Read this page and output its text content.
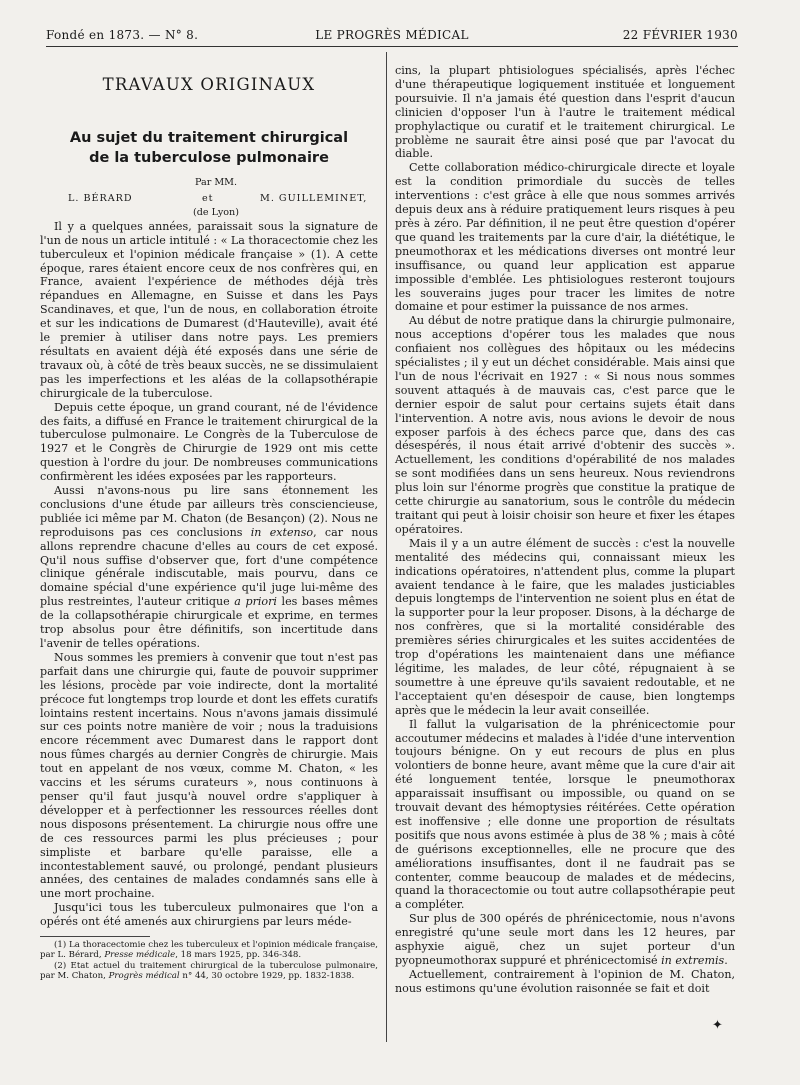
Fondé en 1873. — N° 8.	LE PROGRÈS MÉDICAL	22 FÉVRIER 1930
TRAVAUX ORIGINAUX
Au sujet du traitement chirurgical
de la tuberculose pulmonaire

Par MM.

L. BÉRARD	et	M. GUILLEMINET,

(de Lyon)

Il y a quelques années, paraissait sous la signature de l'un de nous un article intitulé : « La thoracectomie chez les tuberculeux et l'opinion médicale française » (1). A cette époque, rares étaient encore ceux de nos confrères qui, en France, avaient l'expérience de méthodes déjà très répandues en Allemagne, en Suisse et dans les Pays Scandinaves, et que, l'un de nous, en collaboration étroite et sur les indications de Dumarest (d'Hauteville), avait été le premier à utiliser dans notre pays. Les premiers résultats en avaient déjà été exposés dans une série de travaux où, à côté de très beaux succès, ne se dissimulaient pas les imperfections et les aléas de la collapsothérapie chirurgicale de la tuberculose.

Depuis cette époque, un grand courant, né de l'évidence des faits, a diffusé en France le traitement chirurgical de la tuberculose pulmonaire. Le Congrès de la Tuberculose de 1927 et le Congrès de Chirurgie de 1929 ont mis cette question à l'ordre du jour. De nombreuses communications confirmèrent les idées exposées par les rapporteurs.

Aussi n'avons-nous pu lire sans étonnement les conclusions d'une étude par ailleurs très consciencieuse, publiée ici même par M. Chaton (de Besançon) (2). Nous ne reproduisons pas ces conclusions in extenso, car nous allons reprendre chacune d'elles au cours de cet exposé. Qu'il nous suffise d'observer que, fort d'une compétence clinique générale indiscutable, mais pourvu, dans ce domaine spécial d'une expérience qu'il juge lui-même des plus restreintes, l'auteur critique a priori les bases mêmes de la collapsothérapie chirurgicale et exprime, en termes trop absolus pour être définitifs, son incertitude dans l'avenir de telles opérations.

Nous sommes les premiers à convenir que tout n'est pas parfait dans une chirurgie qui, faute de pouvoir supprimer les lésions, procède par voie indirecte, dont la mortalité précoce fut longtemps trop lourde et dont les effets curatifs lointains restent incertains. Nous n'avons jamais dissimulé sur ces points notre manière de voir ; nous la traduisions encore récemment avec Dumarest dans le rapport dont nous fûmes chargés au dernier Congrès de chirurgie. Mais tout en appelant de nos vœux, comme M. Chaton, « les vaccins et les sérums curateurs », nous continuons à penser qu'il faut jusqu'à nouvel ordre s'appliquer à développer et à perfectionner les ressources réelles dont nous disposons présentement. La chirurgie nous offre une de ces ressources parmi les plus précieuses ; pour simpliste et barbare qu'elle paraisse, elle a incontestablement sauvé, ou prolongé, pendant plusieurs années, des centaines de malades condamnés sans elle à une mort prochaine.

Jusqu'ici tous les tuberculeux pulmonaires que l'on a opérés ont été amenés aux chirurgiens par leurs méde-

(1) La thoracectomie chez les tuberculeux et l'opinion médicale française, par L. Bérard, Presse médicale, 18 mars 1925, pp. 346-348.

(2) Etat actuel du traitement chirurgical de la tuberculose pulmonaire, par M. Chaton, Progrès médical n° 44, 30 octobre 1929, pp. 1832-1838.

cins, la plupart phtisiologues spécialisés, après l'échec d'une thérapeutique logiquement instituée et longuement poursuivie. Il n'a jamais été question dans l'esprit d'aucun clinicien d'opposer l'un à l'autre le traitement médical prophylactique ou curatif et le traitement chirurgical. Le problème ne saurait être ainsi posé que par l'avocat du diable.

Cette collaboration médico-chirurgicale directe et loyale est la condition primordiale du succès de telles interventions : c'est grâce à elle que nous sommes arrivés depuis deux ans à réduire pratiquement leurs risques à peu près à zéro. Par définition, il ne peut être question d'opérer que quand les traitements par la cure d'air, la diététique, le pneumothorax et les médications diverses ont montré leur insuffisance, ou quand leur application est apparue impossible d'emblée. Les phtisiologues resteront toujours les souverains juges pour tracer les limites de notre domaine et pour estimer la puissance de nos armes.

Au début de notre pratique dans la chirurgie pulmonaire, nous acceptions d'opérer tous les malades que nous confiaient nos collègues des hôpitaux ou les médecins spécialistes ; il y eut un déchet considérable. Mais ainsi que l'un de nous l'écrivait en 1927 : « Si nous nous sommes souvent attaqués à de mauvais cas, c'est parce que le dernier espoir de salut pour certains sujets était dans l'intervention. A notre avis, nous avions le devoir de nous exposer parfois à des échecs parce que, dans des cas désespérés, il nous était arrivé d'obtenir des succès ». Actuellement, les conditions d'opérabilité de nos malades se sont modifiées dans un sens heureux. Nous reviendrons plus loin sur l'énorme progrès que constitue la pratique de cette chirurgie au sanatorium, sous le contrôle du médecin traitant qui peut à loisir choisir son heure et fixer les étapes opératoires.

Mais il y a un autre élément de succès : c'est la nouvelle mentalité des médecins qui, connaissant mieux les indications opératoires, n'attendent plus, comme la plupart avaient tendance à le faire, que les malades justiciables depuis longtemps de l'intervention ne soient plus en état de la supporter pour la leur proposer. Disons, à la décharge de nos confrères, que si la mortalité considérable des premières séries chirurgicales et les suites accidentées de trop d'opérations les maintenaient dans une méfiance légitime, les malades, de leur côté, répugnaient à se soumettre à une épreuve qu'ils savaient redoutable, et ne l'acceptaient qu'en désespoir de cause, bien longtemps après que le médecin la leur avait conseillée.

Il fallut la vulgarisation de la phrénicectomie pour accoutumer médecins et malades à l'idée d'une intervention toujours bénigne. On y eut recours de plus en plus volontiers de bonne heure, avant même que la cure d'air ait été longuement tentée, lorsque le pneumothorax apparaissait insuffisant ou impossible, ou quand on se trouvait devant des hémoptysies réitérées. Cette opération est inoffensive ; elle donne une proportion de résultats positifs que nous avons estimée à plus de 38 % ; mais à côté de guérisons exceptionnelles, elle ne procure que des améliorations insuffisantes, dont il ne faudrait pas se contenter, comme beaucoup de malades et de médecins, quand la thoracectomie ou tout autre collapsothérapie peut a compléter.

Sur plus de 300 opérés de phrénicectomie, nous n'avons enregistré qu'une seule mort dans les 12 heures, par asphyxie aiguë, chez un sujet porteur d'un pyopneumothorax suppuré et phrénicectomisé in extremis.

Actuellement, contrairement à l'opinion de M. Chaton, nous estimons qu'une évolution raisonnée se fait et doit

✦
